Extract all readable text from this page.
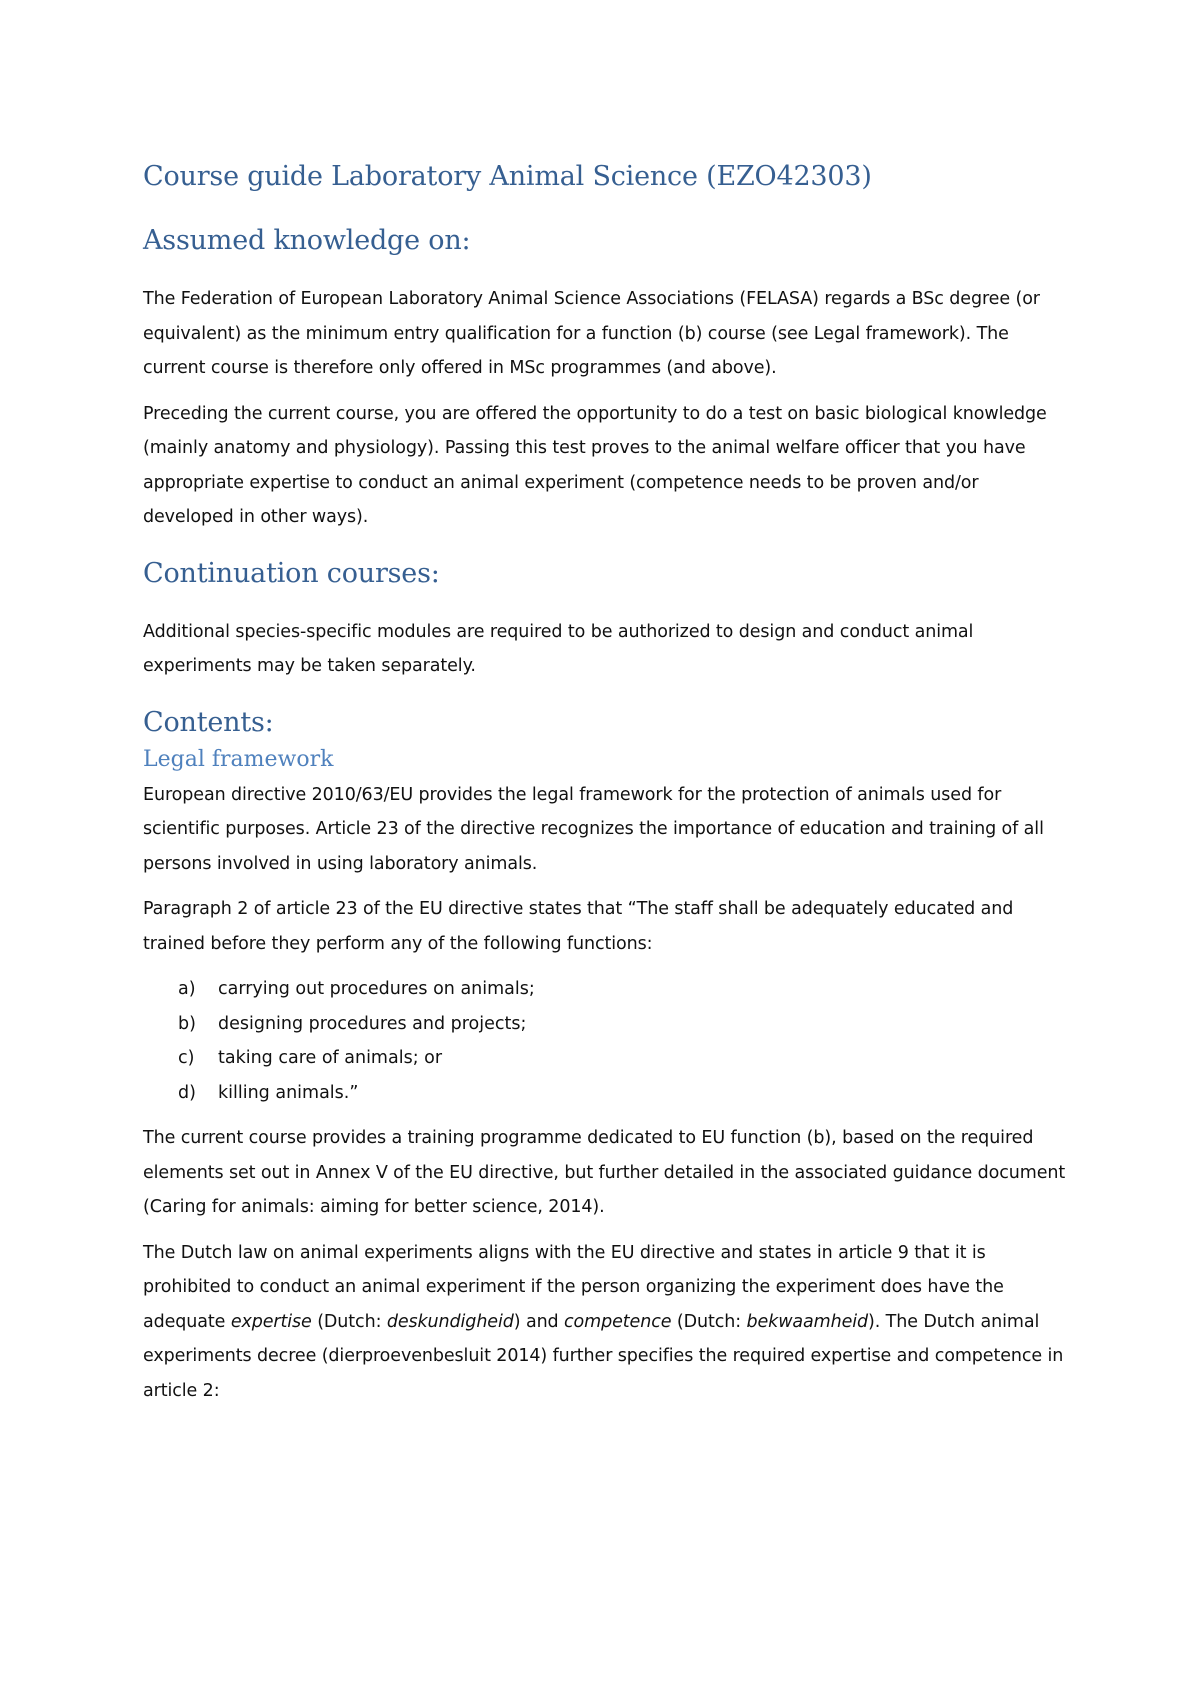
Course guide Laboratory Animal Science (EZO42303)
Assumed knowledge on:

The Federation of European Laboratory Animal Science Associations (FELASA) regards a BSc degree (or equivalent) as the minimum entry qualification for a function (b) course (see Legal framework). The current course is therefore only offered in MSc programmes (and above).

Preceding the current course, you are offered the opportunity to do a test on basic biological knowledge (mainly anatomy and physiology). Passing this test proves to the animal welfare officer that you have appropriate expertise to conduct an animal experiment (competence needs to be proven and/or developed in other ways).

Continuation courses:

Additional species-specific modules are required to be authorized to design and conduct animal experiments may be taken separately.

Contents:
Legal framework

European directive 2010/63/EU provides the legal framework for the protection of animals used for scientific purposes. Article 23 of the directive recognizes the importance of education and training of all persons involved in using laboratory animals.

Paragraph 2 of article 23 of the EU directive states that “The staff shall be adequately educated and trained before they perform any of the following functions:

a) carrying out procedures on animals;
b) designing procedures and projects;
c) taking care of animals; or
d) killing animals.”

The current course provides a training programme dedicated to EU function (b), based on the required elements set out in Annex V of the EU directive, but further detailed in the associated guidance document (Caring for animals: aiming for better science, 2014).

The Dutch law on animal experiments aligns with the EU directive and states in article 9 that it is prohibited to conduct an animal experiment if the person organizing the experiment does have the adequate expertise (Dutch: deskundigheid) and competence (Dutch: bekwaamheid). The Dutch animal experiments decree (dierproevenbesluit 2014) further specifies the required expertise and competence in article 2:
